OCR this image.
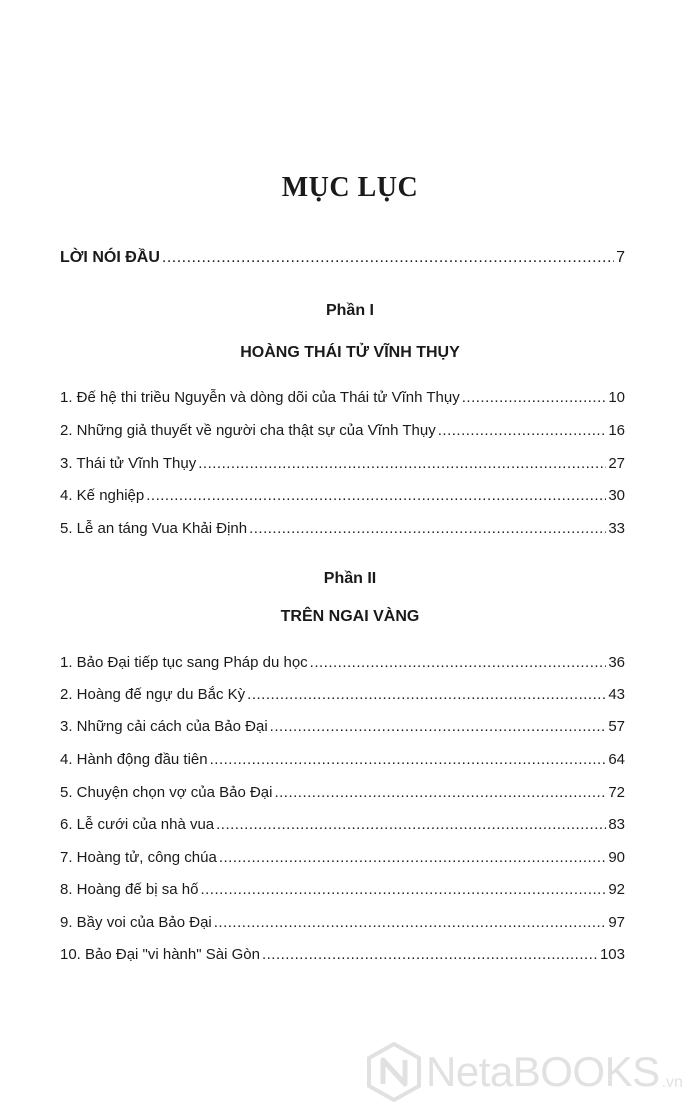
MỤC LỤC
LỜI NÓI ĐẦU .....	7
Phần I
HOÀNG THÁI TỬ VĨNH THỤY
1. Đế hệ thi triều Nguyễn và dòng dõi của Thái tử Vĩnh Thụy .....	10
2. Những giả thuyết về người cha thật sự của Vĩnh Thụy .....	16
3. Thái tử Vĩnh Thụy .....	27
4. Kế nghiệp .....	30
5. Lễ an táng Vua Khải Định .....	33
Phần II
TRÊN NGAI VÀNG
1. Bảo Đại tiếp tục sang Pháp du học .....	36
2. Hoàng đế ngự du Bắc Kỳ .....	43
3. Những cải cách của Bảo Đại .....	57
4. Hành động đầu tiên .....	64
5. Chuyện chọn vợ của Bảo Đại .....	72
6. Lễ cưới của nhà vua .....	83
7. Hoàng tử, công chúa .....	90
8. Hoàng đế bị sa hố .....	92
9. Bầy voi của Bảo Đại .....	97
10. Bảo Đại "vi hành" Sài Gòn .....	103
NetaBOOKS .vn
